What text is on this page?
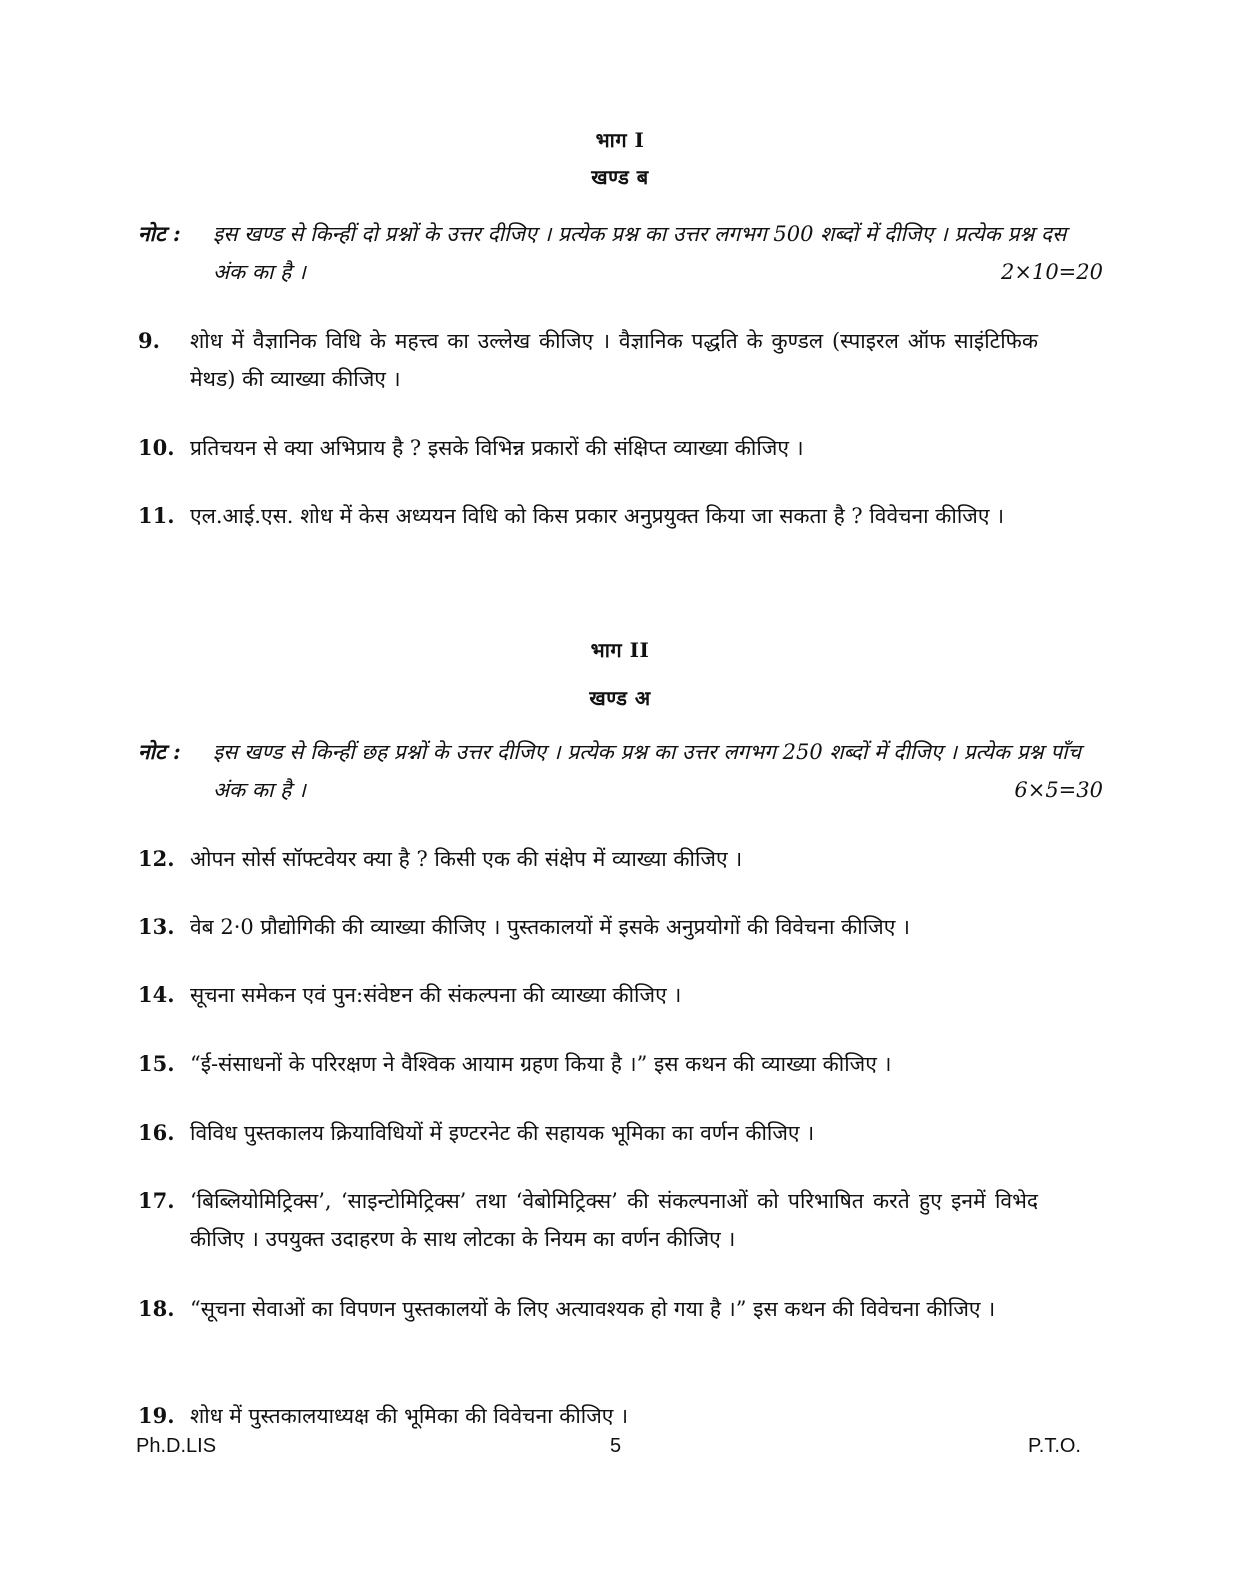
भाग I
खण्ड ब
नोट : इस खण्ड से किन्हीं दो प्रश्नों के उत्तर दीजिए । प्रत्येक प्रश्न का उत्तर लगभग 500 शब्दों में दीजिए । प्रत्येक प्रश्न दस अंक का है ।	2×10=20
9. शोध में वैज्ञानिक विधि के महत्त्व का उल्लेख कीजिए । वैज्ञानिक पद्धति के कुण्डल (स्पाइरल ऑफ साइंटिफिक मेथड) की व्याख्या कीजिए ।
10. प्रतिचयन से क्या अभिप्राय है ? इसके विभिन्न प्रकारों की संक्षिप्त व्याख्या कीजिए ।
11. एल.आई.एस. शोध में केस अध्ययन विधि को किस प्रकार अनुप्रयुक्त किया जा सकता है ? विवेचना कीजिए ।
भाग II
खण्ड अ
नोट : इस खण्ड से किन्हीं छह प्रश्नों के उत्तर दीजिए । प्रत्येक प्रश्न का उत्तर लगभग 250 शब्दों में दीजिए । प्रत्येक प्रश्न पाँच अंक का है ।	6×5=30
12. ओपन सोर्स सॉफ्टवेयर क्या है ? किसी एक की संक्षेप में व्याख्या कीजिए ।
13. वेब 2·0 प्रौद्योगिकी की व्याख्या कीजिए । पुस्तकालयों में इसके अनुप्रयोगों की विवेचना कीजिए ।
14. सूचना समेकन एवं पुन:संवेष्टन की संकल्पना की व्याख्या कीजिए ।
15. “ई-संसाधनों के परिरक्षण ने वैश्विक आयाम ग्रहण किया है ।” इस कथन की व्याख्या कीजिए ।
16. विविध पुस्तकालय क्रियाविधियों में इण्टरनेट की सहायक भूमिका का वर्णन कीजिए ।
17. ‘बिब्लियोमिट्रिक्स’, ‘साइन्टोमिट्रिक्स’ तथा ‘वेबोमिट्रिक्स’ की संकल्पनाओं को परिभाषित करते हुए इनमें विभेद कीजिए । उपयुक्त उदाहरण के साथ लोटका के नियम का वर्णन कीजिए ।
18. “सूचना सेवाओं का विपणन पुस्तकालयों के लिए अत्यावश्यक हो गया है ।” इस कथन की विवेचना कीजिए ।
19. शोध में पुस्तकालयाध्यक्ष की भूमिका की विवेचना कीजिए ।
Ph.D.LIS	5	P.T.O.
